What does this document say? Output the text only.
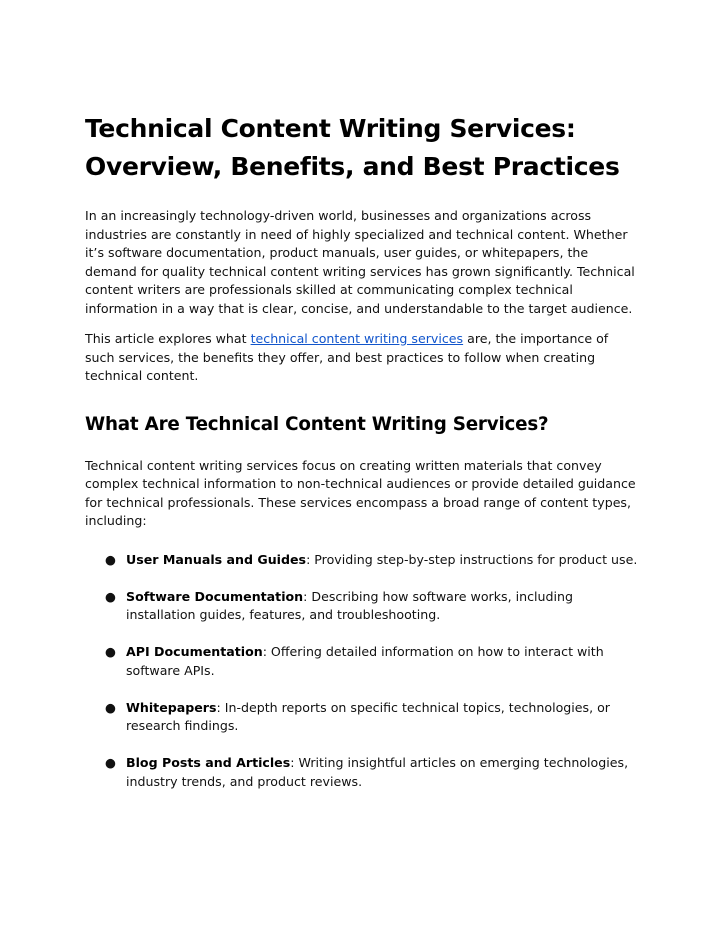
Technical Content Writing Services:
Overview, Benefits, and Best Practices

In an increasingly technology-driven world, businesses and organizations across industries are constantly in need of highly specialized and technical content. Whether it’s software documentation, product manuals, user guides, or whitepapers, the demand for quality technical content writing services has grown significantly. Technical content writers are professionals skilled at communicating complex technical information in a way that is clear, concise, and understandable to the target audience.

This article explores what technical content writing services are, the importance of such services, the benefits they offer, and best practices to follow when creating technical content.

What Are Technical Content Writing Services?

Technical content writing services focus on creating written materials that convey complex technical information to non-technical audiences or provide detailed guidance for technical professionals. These services encompass a broad range of content types, including:

● User Manuals and Guides: Providing step-by-step instructions for product use.
● Software Documentation: Describing how software works, including installation guides, features, and troubleshooting.
● API Documentation: Offering detailed information on how to interact with software APIs.
● Whitepapers: In-depth reports on specific technical topics, technologies, or research findings.
● Blog Posts and Articles: Writing insightful articles on emerging technologies, industry trends, and product reviews.
